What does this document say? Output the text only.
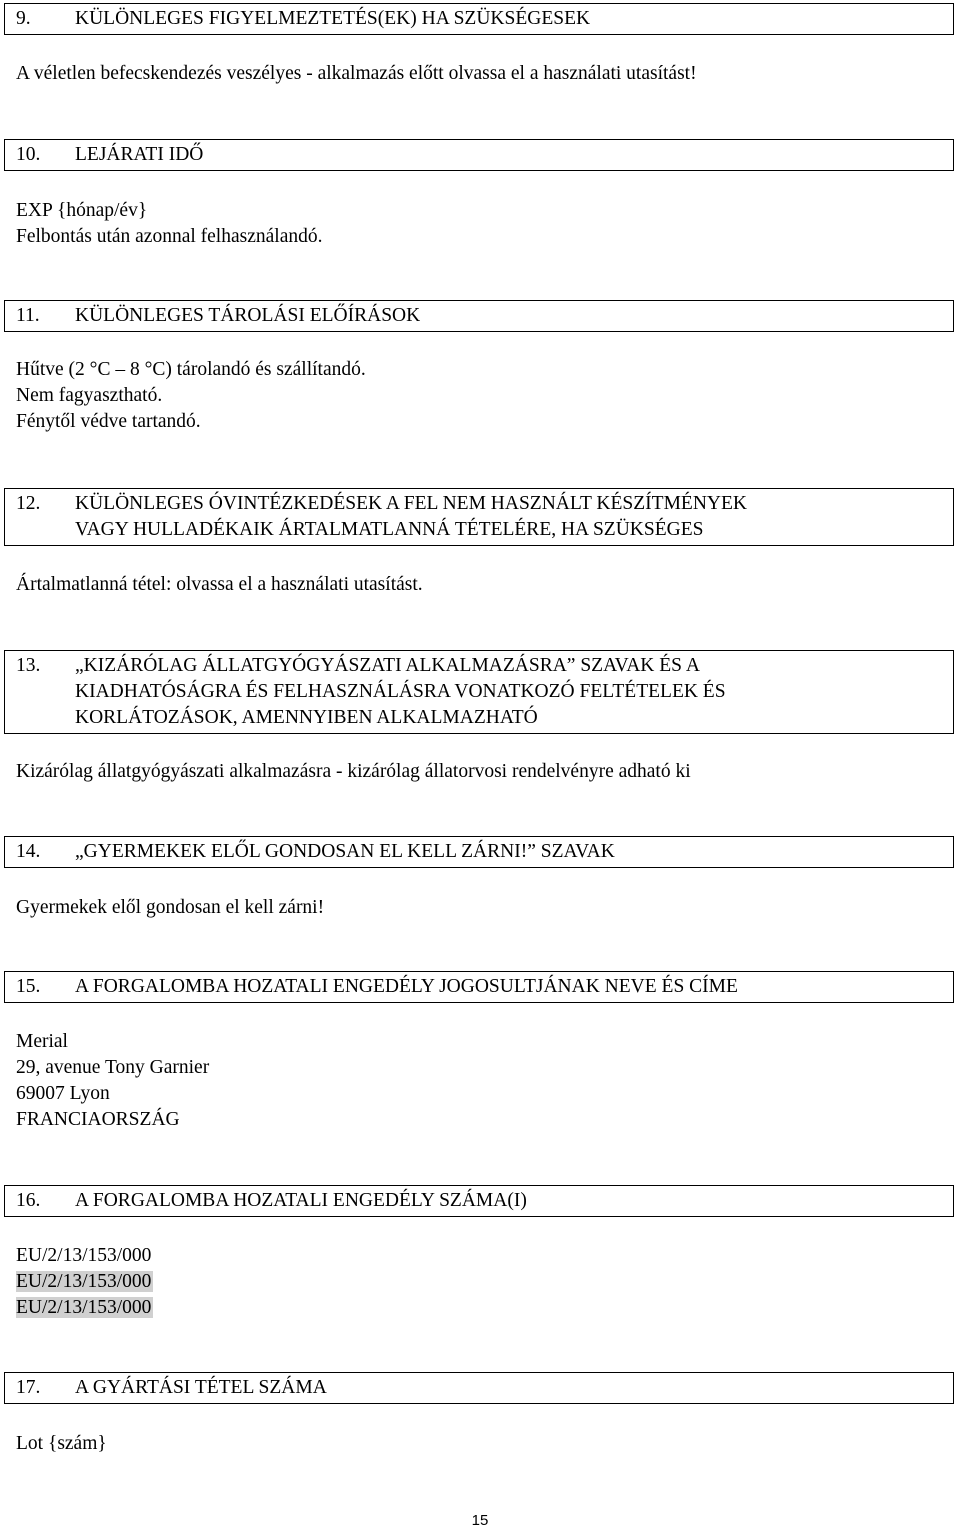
9.	KÜLÖNLEGES FIGYELMEZTETÉS(EK) HA SZÜKSÉGESEK
A véletlen befecskendezés veszélyes - alkalmazás előtt olvassa el a használati utasítást!
10.	LEJÁRATI IDŐ
EXP {hónap/év}
Felbontás után azonnal felhasználandó.
11.	KÜLÖNLEGES TÁROLÁSI ELŐÍRÁSOK
Hűtve (2 °C – 8 °C) tárolandó és szállítandó.
Nem fagyasztható.
Fénytől védve tartandó.
12.	KÜLÖNLEGES ÓVINTÉZKEDÉSEK A FEL NEM HASZNÁLT KÉSZÍTMÉNYEK
VAGY HULLADÉKAIK ÁRTALMATLANNÁ TÉTELÉRE, HA SZÜKSÉGES
Ártalmatlanná tétel: olvassa el a használati utasítást.
13.	„KIZÁRÓLAG ÁLLATGYÓGYÁSZATI ALKALMAZÁSRA” SZAVAK ÉS A
KIADHATÓSÁGRA ÉS FELHASZNÁLÁSRA VONATKOZÓ FELTÉTELEK ÉS
KORLÁTOZÁSOK, AMENNYIBEN ALKALMAZHATÓ
Kizárólag állatgyógyászati alkalmazásra - kizárólag állatorvosi rendelvényre adható ki
14.	„GYERMEKEK ELŐL GONDOSAN EL KELL ZÁRNI!” SZAVAK
Gyermekek elől gondosan el kell zárni!
15.	A FORGALOMBA HOZATALI ENGEDÉLY JOGOSULTJÁNAK NEVE ÉS CÍME
Merial
29, avenue Tony Garnier
69007 Lyon
FRANCIAORSZÁG
16.	A FORGALOMBA HOZATALI ENGEDÉLY SZÁMA(I)
EU/2/13/153/000
EU/2/13/153/000
EU/2/13/153/000
17.	A GYÁRTÁSI TÉTEL SZÁMA
Lot {szám}
15
